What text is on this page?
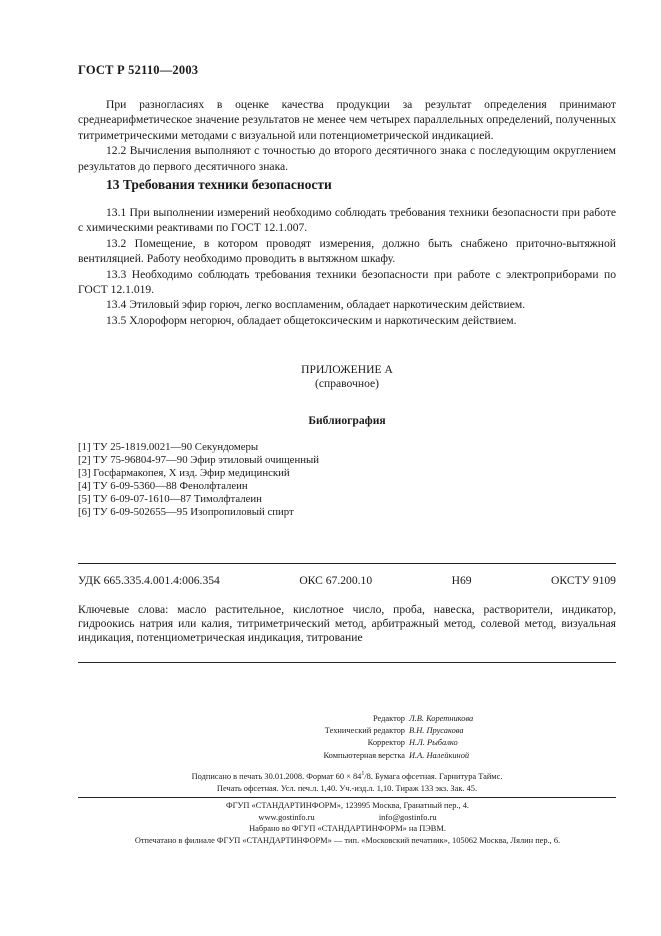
ГОСТ Р 52110—2003

При разногласиях в оценке качества продукции за результат определения принимают среднеарифметическое значение результатов не менее чем четырех параллельных определений, полученных титриметрическими методами с визуальной или потенциометрической индикацией.

12.2 Вычисления выполняют с точностью до второго десятичного знака с последующим округлением результатов до первого десятичного знака.

13 Требования техники безопасности

13.1 При выполнении измерений необходимо соблюдать требования техники безопасности при работе с химическими реактивами по ГОСТ 12.1.007.

13.2 Помещение, в котором проводят измерения, должно быть снабжено приточно-вытяжной вентиляцией. Работу необходимо проводить в вытяжном шкафу.

13.3 Необходимо соблюдать требования техники безопасности при работе с электроприборами по ГОСТ 12.1.019.

13.4 Этиловый эфир горюч, легко воспламеним, обладает наркотическим действием.

13.5 Хлороформ негорюч, обладает общетоксическим и наркотическим действием.

ПРИЛОЖЕНИЕ А
(справочное)
Библиография
[1] ТУ 25-1819.0021—90 Секундомеры
[2] ТУ 75-96804-97—90 Эфир этиловый очищенный
[3] Госфармакопея, X изд. Эфир медицинский
[4] ТУ 6-09-5360—88 Фенолфталеин
[5] ТУ 6-09-07-1610—87 Тимолфталеин
[6] ТУ 6-09-502655—95 Изопропиловый спирт
УДК 665.335.4.001.4:006.354	ОКС 67.200.10	Н69	ОКСТУ 9109
Ключевые слова: масло растительное, кислотное число, проба, навеска, растворители, индикатор, гидроокись натрия или калия, титриметрический метод, арбитражный метод, солевой метод, визуальная индикация, потенциометрическая индикация, титрование
Редактор Л.В. Коретникова
Технический редактор В.Н. Прусакова
Корректор Н.Л. Рыбалко
Компьютерная верстка И.А. Налейкиной
Подписано в печать 30.01.2008. Формат $60 \times 84^1/8$. Бумага офсетная. Гарнитура Таймс.
Печать офсетная. Усл. печ.л. 1,40. Уч.-изд.л. 1,10. Тираж 133 экз. Зак. 45.
ФГУП «СТАНДАРТИНФОРМ», 123995 Москва, Гранатный пер., 4.
www.gostinfo.ru	info@gostinfo.ru
Набрано во ФГУП «СТАНДАРТИНФОРМ» на ПЭВМ.
Отпечатано в филиале ФГУП «СТАНДАРТИНФОРМ» — тип. «Московский печатник», 105062 Москва, Лялин пер., 6.
